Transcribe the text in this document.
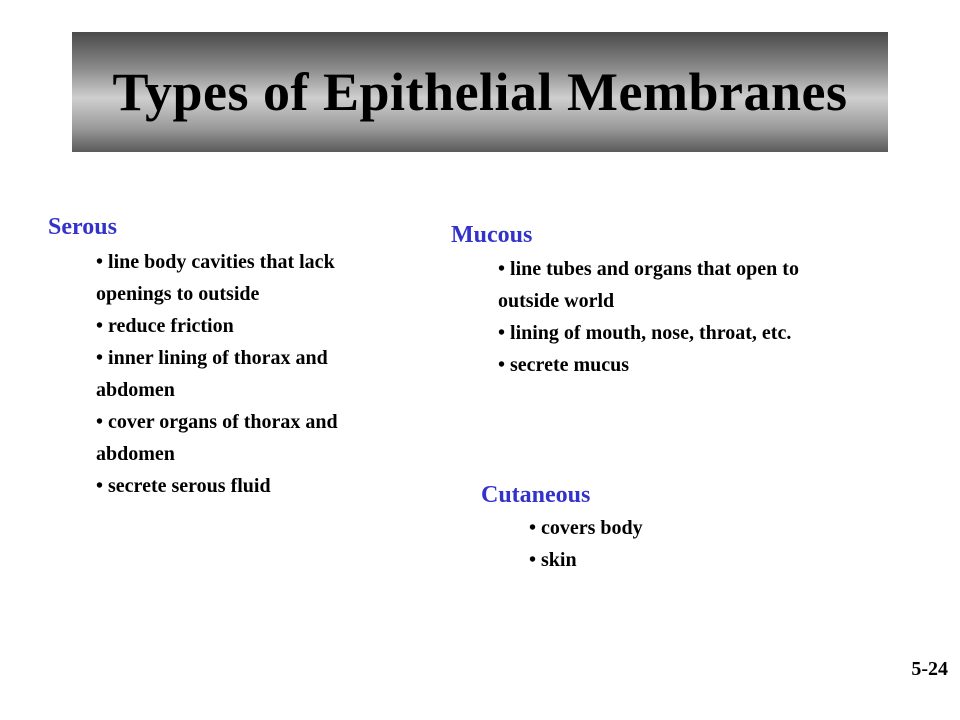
Types of Epithelial Membranes
Serous
• line body cavities that lack openings to outside
• reduce friction
• inner lining of thorax and abdomen
• cover organs of thorax and abdomen
• secrete serous fluid
Mucous
• line tubes and organs that open to outside world
• lining of mouth, nose, throat, etc.
• secrete mucus
Cutaneous
• covers body
• skin
5-24
